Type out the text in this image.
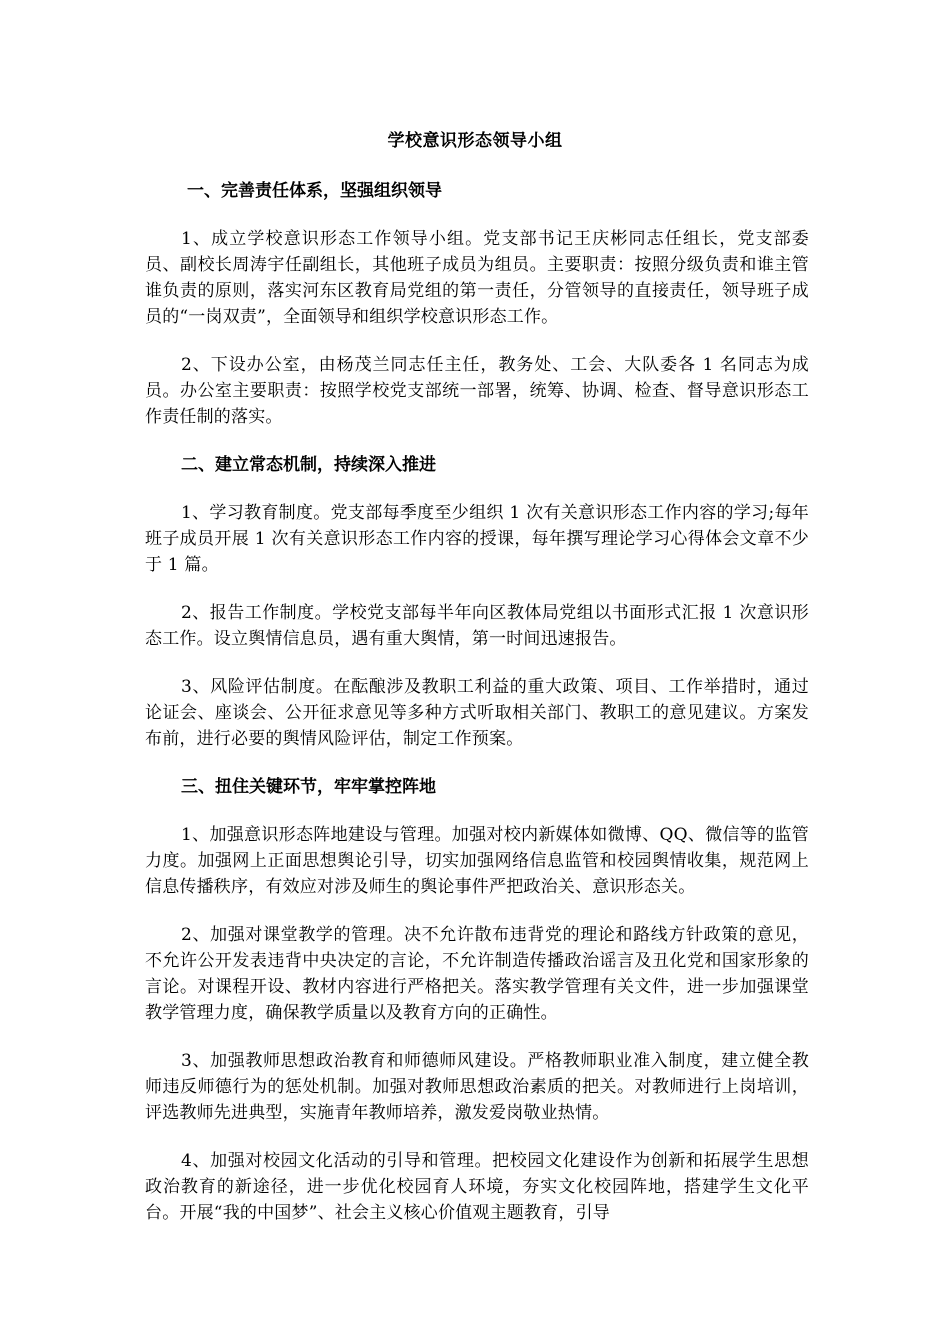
学校意识形态领导小组
一、完善责任体系，坚强组织领导

1、成立学校意识形态工作领导小组。党支部书记王庆彬同志任组长，党支部委员、副校长周涛宇任副组长，其他班子成员为组员。主要职责：按照分级负责和谁主管谁负责的原则，落实河东区教育局党组的第一责任，分管领导的直接责任，领导班子成员的“一岗双责”，全面领导和组织学校意识形态工作。

2、下设办公室，由杨茂兰同志任主任，教务处、工会、大队委各 1 名同志为成员。办公室主要职责：按照学校党支部统一部署，统筹、协调、检查、督导意识形态工作责任制的落实。

二、建立常态机制，持续深入推进

1、学习教育制度。党支部每季度至少组织 1 次有关意识形态工作内容的学习;每年班子成员开展 1 次有关意识形态工作内容的授课，每年撰写理论学习心得体会文章不少于 1 篇。

2、报告工作制度。学校党支部每半年向区教体局党组以书面形式汇报 1 次意识形态工作。设立舆情信息员，遇有重大舆情，第一时间迅速报告。

3、风险评估制度。在酝酿涉及教职工利益的重大政策、项目、工作举措时，通过论证会、座谈会、公开征求意见等多种方式听取相关部门、教职工的意见建议。方案发布前，进行必要的舆情风险评估，制定工作预案。

三、扭住关键环节，牢牢掌控阵地

1、加强意识形态阵地建设与管理。加强对校内新媒体如微博、QQ、微信等的监管力度。加强网上正面思想舆论引导，切实加强网络信息监管和校园舆情收集，规范网上信息传播秩序，有效应对涉及师生的舆论事件严把政治关、意识形态关。

2、加强对课堂教学的管理。决不允许散布违背党的理论和路线方针政策的意见，不允许公开发表违背中央决定的言论，不允许制造传播政治谣言及丑化党和国家形象的言论。对课程开设、教材内容进行严格把关。落实教学管理有关文件，进一步加强课堂教学管理力度，确保教学质量以及教育方向的正确性。

3、加强教师思想政治教育和师德师风建设。严格教师职业准入制度，建立健全教师违反师德行为的惩处机制。加强对教师思想政治素质的把关。对教师进行上岗培训，评选教师先进典型，实施青年教师培养，激发爱岗敬业热情。

4、加强对校园文化活动的引导和管理。把校园文化建设作为创新和拓展学生思想政治教育的新途径，进一步优化校园育人环境，夯实文化校园阵地，搭建学生文化平台。开展“我的中国梦”、社会主义核心价值观主题教育，引导
